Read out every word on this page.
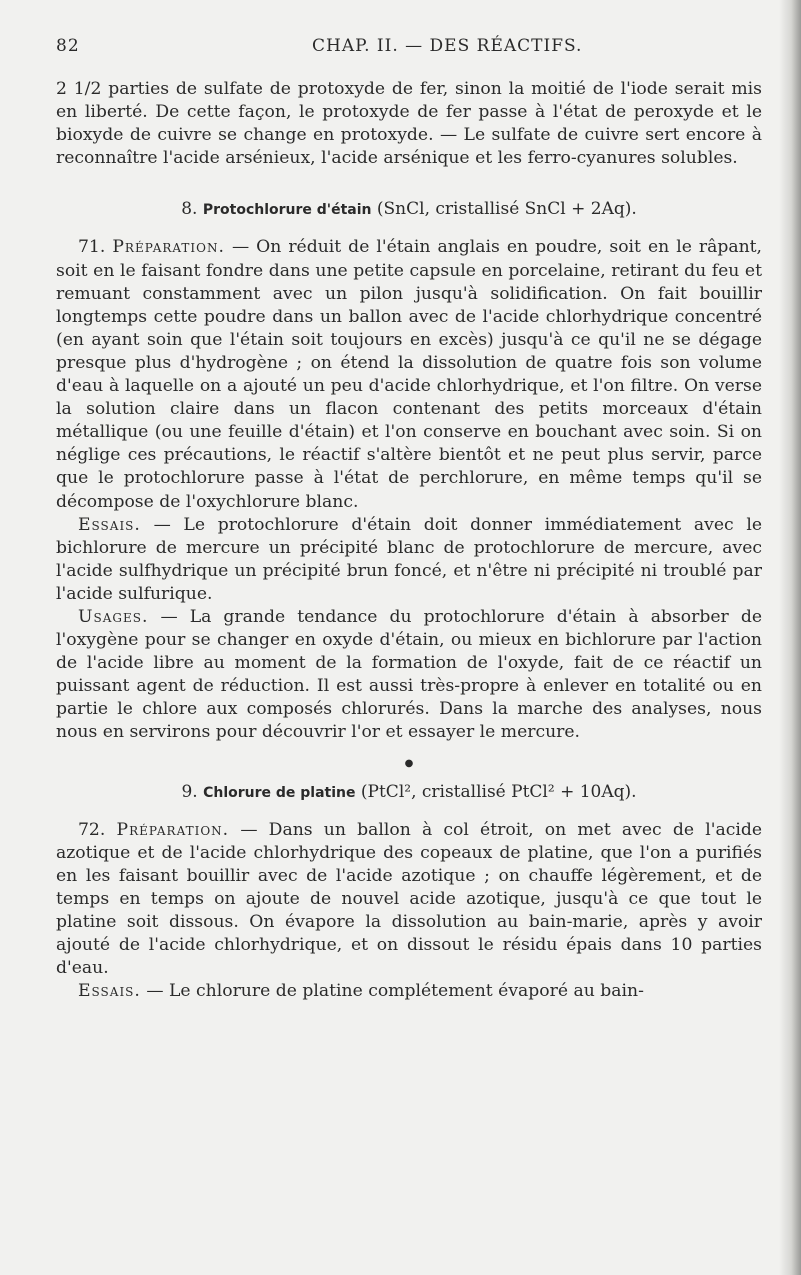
82	CHAP. II. — DES RÉACTIFS.

2 1/2 parties de sulfate de protoxyde de fer, sinon la moitié de l'iode serait mis en liberté. De cette façon, le protoxyde de fer passe à l'état de peroxyde et le bioxyde de cuivre se change en protoxyde. — Le sulfate de cuivre sert encore à reconnaître l'acide arsénieux, l'acide arsénique et les ferro-cyanures solubles.

8. Protochlorure d'étain (SnCl, cristallisé SnCl + 2Aq).

71. Préparation. — On réduit de l'étain anglais en poudre, soit en le râpant, soit en le faisant fondre dans une petite capsule en porcelaine, retirant du feu et remuant constamment avec un pilon jusqu'à solidification. On fait bouillir longtemps cette poudre dans un ballon avec de l'acide chlorhydrique concentré (en ayant soin que l'étain soit toujours en excès) jusqu'à ce qu'il ne se dégage presque plus d'hydrogène ; on étend la dissolution de quatre fois son volume d'eau à laquelle on a ajouté un peu d'acide chlorhydrique, et l'on filtre. On verse la solution claire dans un flacon contenant des petits morceaux d'étain métallique (ou une feuille d'étain) et l'on conserve en bouchant avec soin. Si on néglige ces précautions, le réactif s'altère bientôt et ne peut plus servir, parce que le protochlorure passe à l'état de perchlorure, en même temps qu'il se décompose de l'oxychlorure blanc.

Essais. — Le protochlorure d'étain doit donner immédiatement avec le bichlorure de mercure un précipité blanc de protochlorure de mercure, avec l'acide sulfhydrique un précipité brun foncé, et n'être ni précipité ni troublé par l'acide sulfurique.

Usages. — La grande tendance du protochlorure d'étain à absorber de l'oxygène pour se changer en oxyde d'étain, ou mieux en bichlorure par l'action de l'acide libre au moment de la formation de l'oxyde, fait de ce réactif un puissant agent de réduction. Il est aussi très-propre à enlever en totalité ou en partie le chlore aux composés chlorurés. Dans la marche des analyses, nous nous en servirons pour découvrir l'or et essayer le mercure.

●

9. Chlorure de platine (PtCl², cristallisé PtCl² + 10Aq).

72. Préparation. — Dans un ballon à col étroit, on met avec de l'acide azotique et de l'acide chlorhydrique des copeaux de platine, que l'on a purifiés en les faisant bouillir avec de l'acide azotique ; on chauffe légèrement, et de temps en temps on ajoute de nouvel acide azotique, jusqu'à ce que tout le platine soit dissous. On évapore la dissolution au bain-marie, après y avoir ajouté de l'acide chlorhydrique, et on dissout le résidu épais dans 10 parties d'eau.

Essais. — Le chlorure de platine complétement évaporé au bain-
